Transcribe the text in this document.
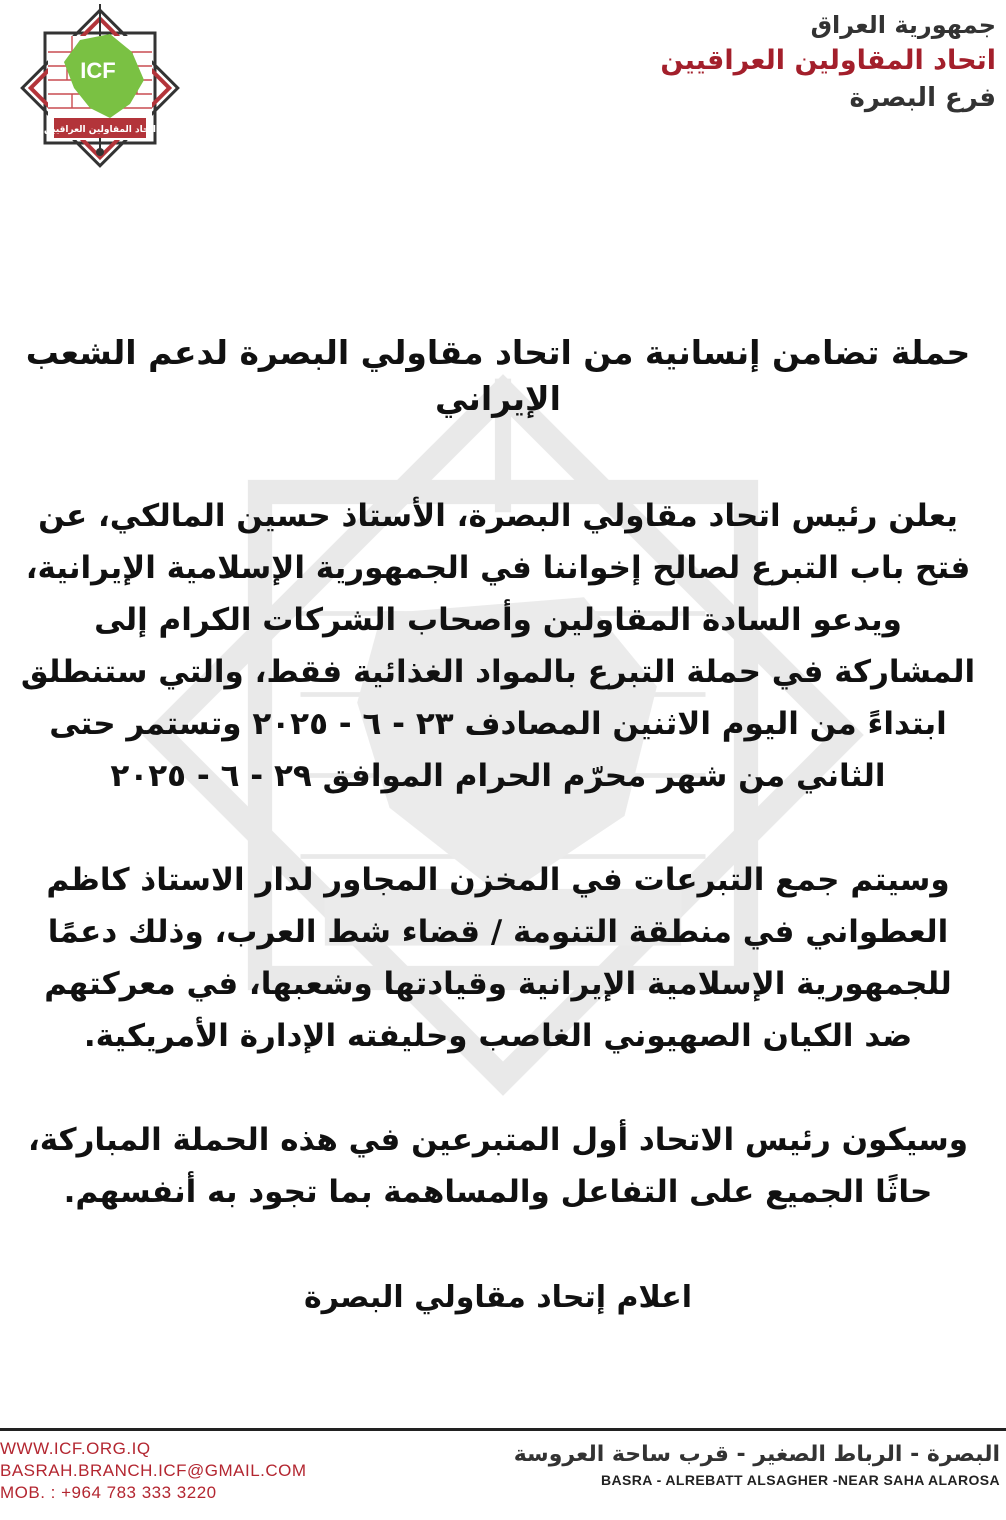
ICF
اتحاد المقاولين العراقيين
جمهورية العراق
اتحاد المقاولين العراقيين
فرع البصرة

حملة تضامن إنسانية من اتحاد مقاولي البصرة لدعم الشعب الإيراني

يعلن رئيس اتحاد مقاولي البصرة، الأستاذ حسين المالكي، عن فتح باب التبرع لصالح إخواننا في الجمهورية الإسلامية الإيرانية، ويدعو السادة المقاولين وأصحاب الشركات الكرام إلى المشاركة في حملة التبرع بالمواد الغذائية فقط، والتي ستنطلق ابتداءً من اليوم الاثنين المصادف ٢٣ - ٦ - ٢٠٢٥ وتستمر حتى الثاني من شهر محرّم الحرام الموافق ٢٩ - ٦ - ٢٠٢٥

وسيتم جمع التبرعات في المخزن المجاور لدار الاستاذ كاظم العطواني في منطقة التنومة / قضاء شط العرب، وذلك دعمًا للجمهورية الإسلامية الإيرانية وقيادتها وشعبها، في معركتهم ضد الكيان الصهيوني الغاصب وحليفته الإدارة الأمريكية.

وسيكون رئيس الاتحاد أول المتبرعين في هذه الحملة المباركة، حاثًا الجميع على التفاعل والمساهمة بما تجود به أنفسهم.

اعلام إتحاد مقاولي البصرة

WWW.ICF.ORG.IQ
BASRAH.BRANCH.ICF@GMAIL.COM
MOB. : +964 783 333 3220
البصرة - الرباط الصغير - قرب ساحة العروسة
BASRA - ALREBATT ALSAGHER -NEAR SAHA ALAROSA
